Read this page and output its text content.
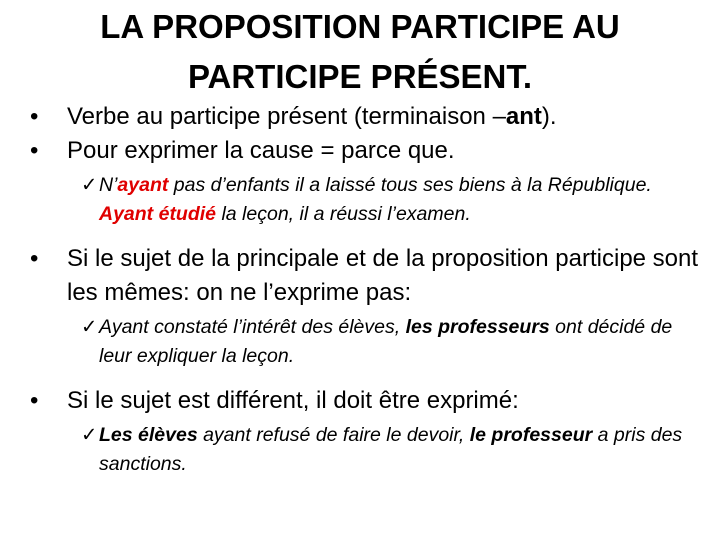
LA PROPOSITION PARTICIPE AU
PARTICIPE PRÉSENT.

• Verbe au participe présent (terminaison –ant).

• Pour exprimer la cause = parce que.

✓ N’ayant pas d’enfants il a laissé tous ses biens à la République. Ayant étudié la leçon, il a réussi l’examen.

• Si le sujet de la principale et de la proposition participe sont les mêmes: on ne l’exprime pas:

✓ Ayant constaté l’intérêt des élèves, les professeurs ont décidé de leur expliquer la leçon.

• Si le sujet est différent, il doit être exprimé:

✓ Les élèves ayant refusé de faire le devoir, le professeur a pris des sanctions.
